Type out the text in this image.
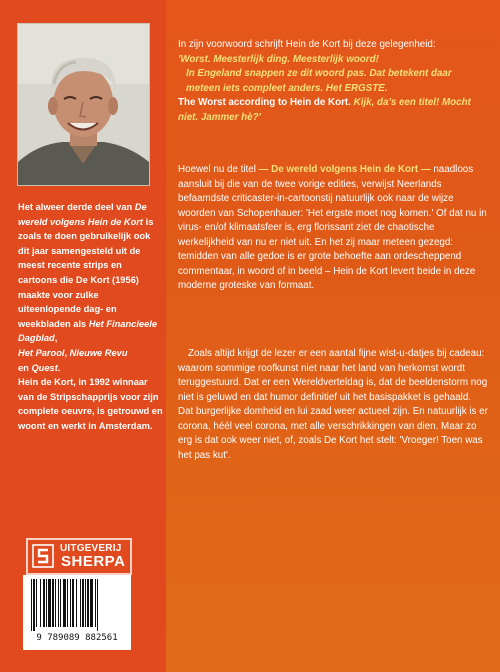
Het alweer derde deel van De wereld volgens Hein de Kort is zoals te doen gebruikelijk ook dit jaar samengesteld uit de meest recente strips en cartoons die De Kort (1956) maakte voor zulke uiteenlopende dag- en weekbladen als Het Financieele Dagblad,
Het Parool, Nieuwe Revu
en Quest.
Hein de Kort, in 1992 winnaar van de Stripschapprijs voor zijn complete oeuvre, is getrouwd en woont en werkt in Amsterdam.

UITGEVERIJ
SHERPA
9 789089 882561

In zijn voorwoord schrijft Hein de Kort bij deze gelegenheid:
'Worst. Meesterlijk ding. Meesterlijk woord!
In Engeland snappen ze dit woord pas. Dat betekent daar meteen iets compleet anders. Het ERGSTE. The Worst according to Hein de Kort. Kijk, da's een titel! Mocht niet. Jammer hè?'

Hoewel nu de titel — De wereld volgens Hein de Kort — naadloos aansluit bij die van de twee vorige edities, verwijst Neerlands befaamdste criticaster-in-cartoonstij natuurlijk ook naar de wijze woorden van Schopenhauer: 'Het ergste moet nog komen.' Of dat nu in virus- en/of klimaatsfeer is, erg florissant ziet de chaotische werkelijkheid van nu er niet uit. En het zij maar meteen gezegd: temidden van alle gedoe is er grote behoefte aan ordescheppend commentaar, in woord of in beeld – Hein de Kort levert beide in deze moderne groteske van formaat.

Zoals altijd krijgt de lezer er een aantal fijne wist-u-datjes bij cadeau: waarom sommige roofkunst niet naar het land van herkomst wordt teruggestuurd. Dat er een Wereldverteldag is, dat de beeldenstorm nog niet is geluwd en dat humor definitief uit het basispakket is gehaald. Dat burgerlijke domheid en lui zaad weer actueel zijn. En natuurlijk is er corona, héél veel corona, met alle verschrikkingen van dien. Maar zo erg is dat ook weer niet, of, zoals De Kort het stelt: 'Vroeger! Toen was het pas kut'.
